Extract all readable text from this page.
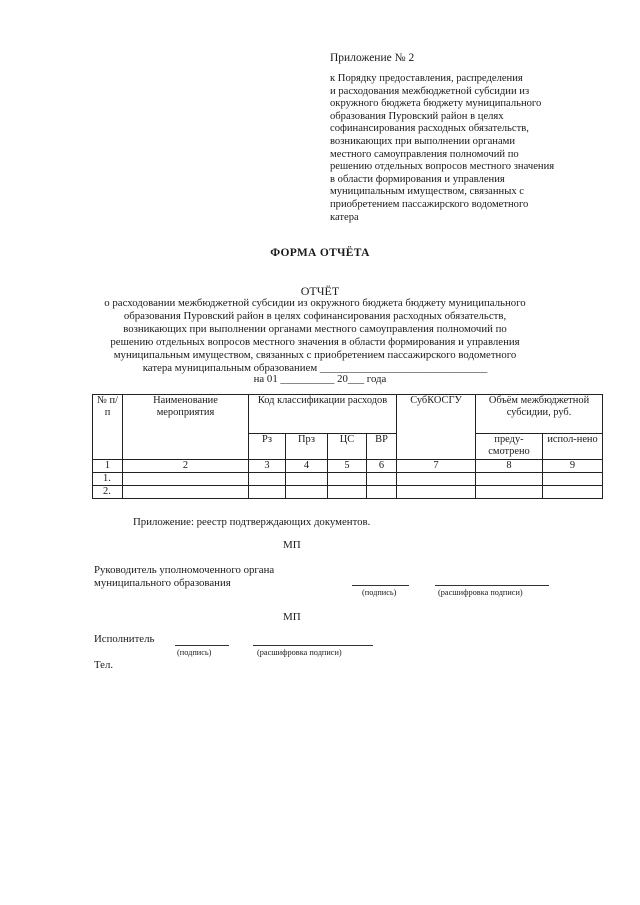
Приложение № 2
к Порядку предоставления, распределения
и расходования межбюджетной субсидии из
окружного бюджета бюджету муниципального
образования Пуровский район в целях
софинансирования расходных обязательств,
возникающих при выполнении органами
местного самоуправления полномочий по
решению отдельных вопросов местного значения
в области формирования и управления
муниципальным имуществом, связанных с
приобретением пассажирского водометного
катера
ФОРМА ОТЧЁТА
ОТЧЁТ
о расходовании межбюджетной субсидии из окружного бюджета бюджету муниципального
образования Пуровский район в целях софинансирования расходных обязательств,
возникающих при выполнении органами местного самоуправления полномочий по
решению отдельных вопросов местного значения в области формирования и управления
муниципальным имуществом, связанных с приобретением пассажирского водометного
катера муниципальным образованием _______________________________
на 01 __________ 20___ года
№ п/п	Наименование мероприятия	Код классификации расходов				СубКОСГУ	Объём межбюджетной субсидии, руб.	
		Рз	Прз	ЦС	ВР		преду-смотрено	испол-нено
1	2	3	4	5	6	7	8	9
1.								
2.								
Приложение: реестр подтверждающих документов.
МП
Руководитель уполномоченного органа
муниципального образования
(подпись)	(расшифровка подписи)
МП
Исполнитель
(подпись)	(расшифровка подписи)
Тел.
